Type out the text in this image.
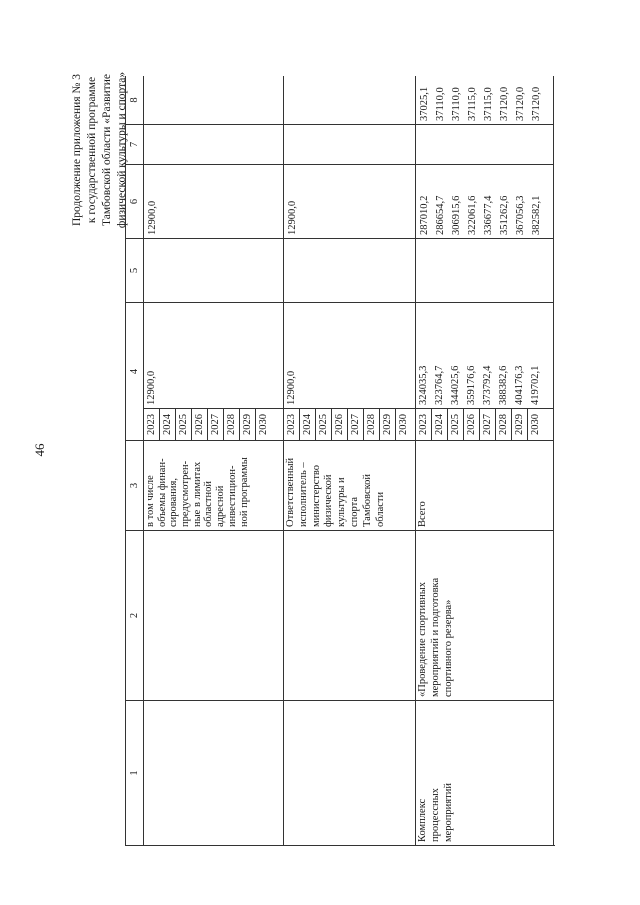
46
Продолжение приложения № 3 к государственной программе Тамбовской области «Развитие физической культуры и спорта»
1
2
3
4
5
6
7
8
в том числе объемы финан- сирования, предусмотрен- ные в лимитах областной адресной инвестицион- ной программы
2023 2024 2025 2026 2027 2028 2029 2030
12900,0
12900,0
Ответственный исполнитель – министерство физической культуры и спорта Тамбовской области
2023 2024 2025 2026 2027 2028 2029 2030
12900,0
12900,0
Комплекс процессных мероприятий
«Проведение спортивных мероприятий и подготовка спортивного резерва»
Всего
2023 2024 2025 2026 2027 2028 2029 2030
324035,3 323764,7 344025,6 359176,6 373792,4 388382,6 404176,3 419702,1
287010,2 286654,7 306915,6 322061,6 336677,4 351262,6 367056,3 382582,1
37025,1 37110,0 37110,0 37115,0 37115,0 37120,0 37120,0 37120,0
